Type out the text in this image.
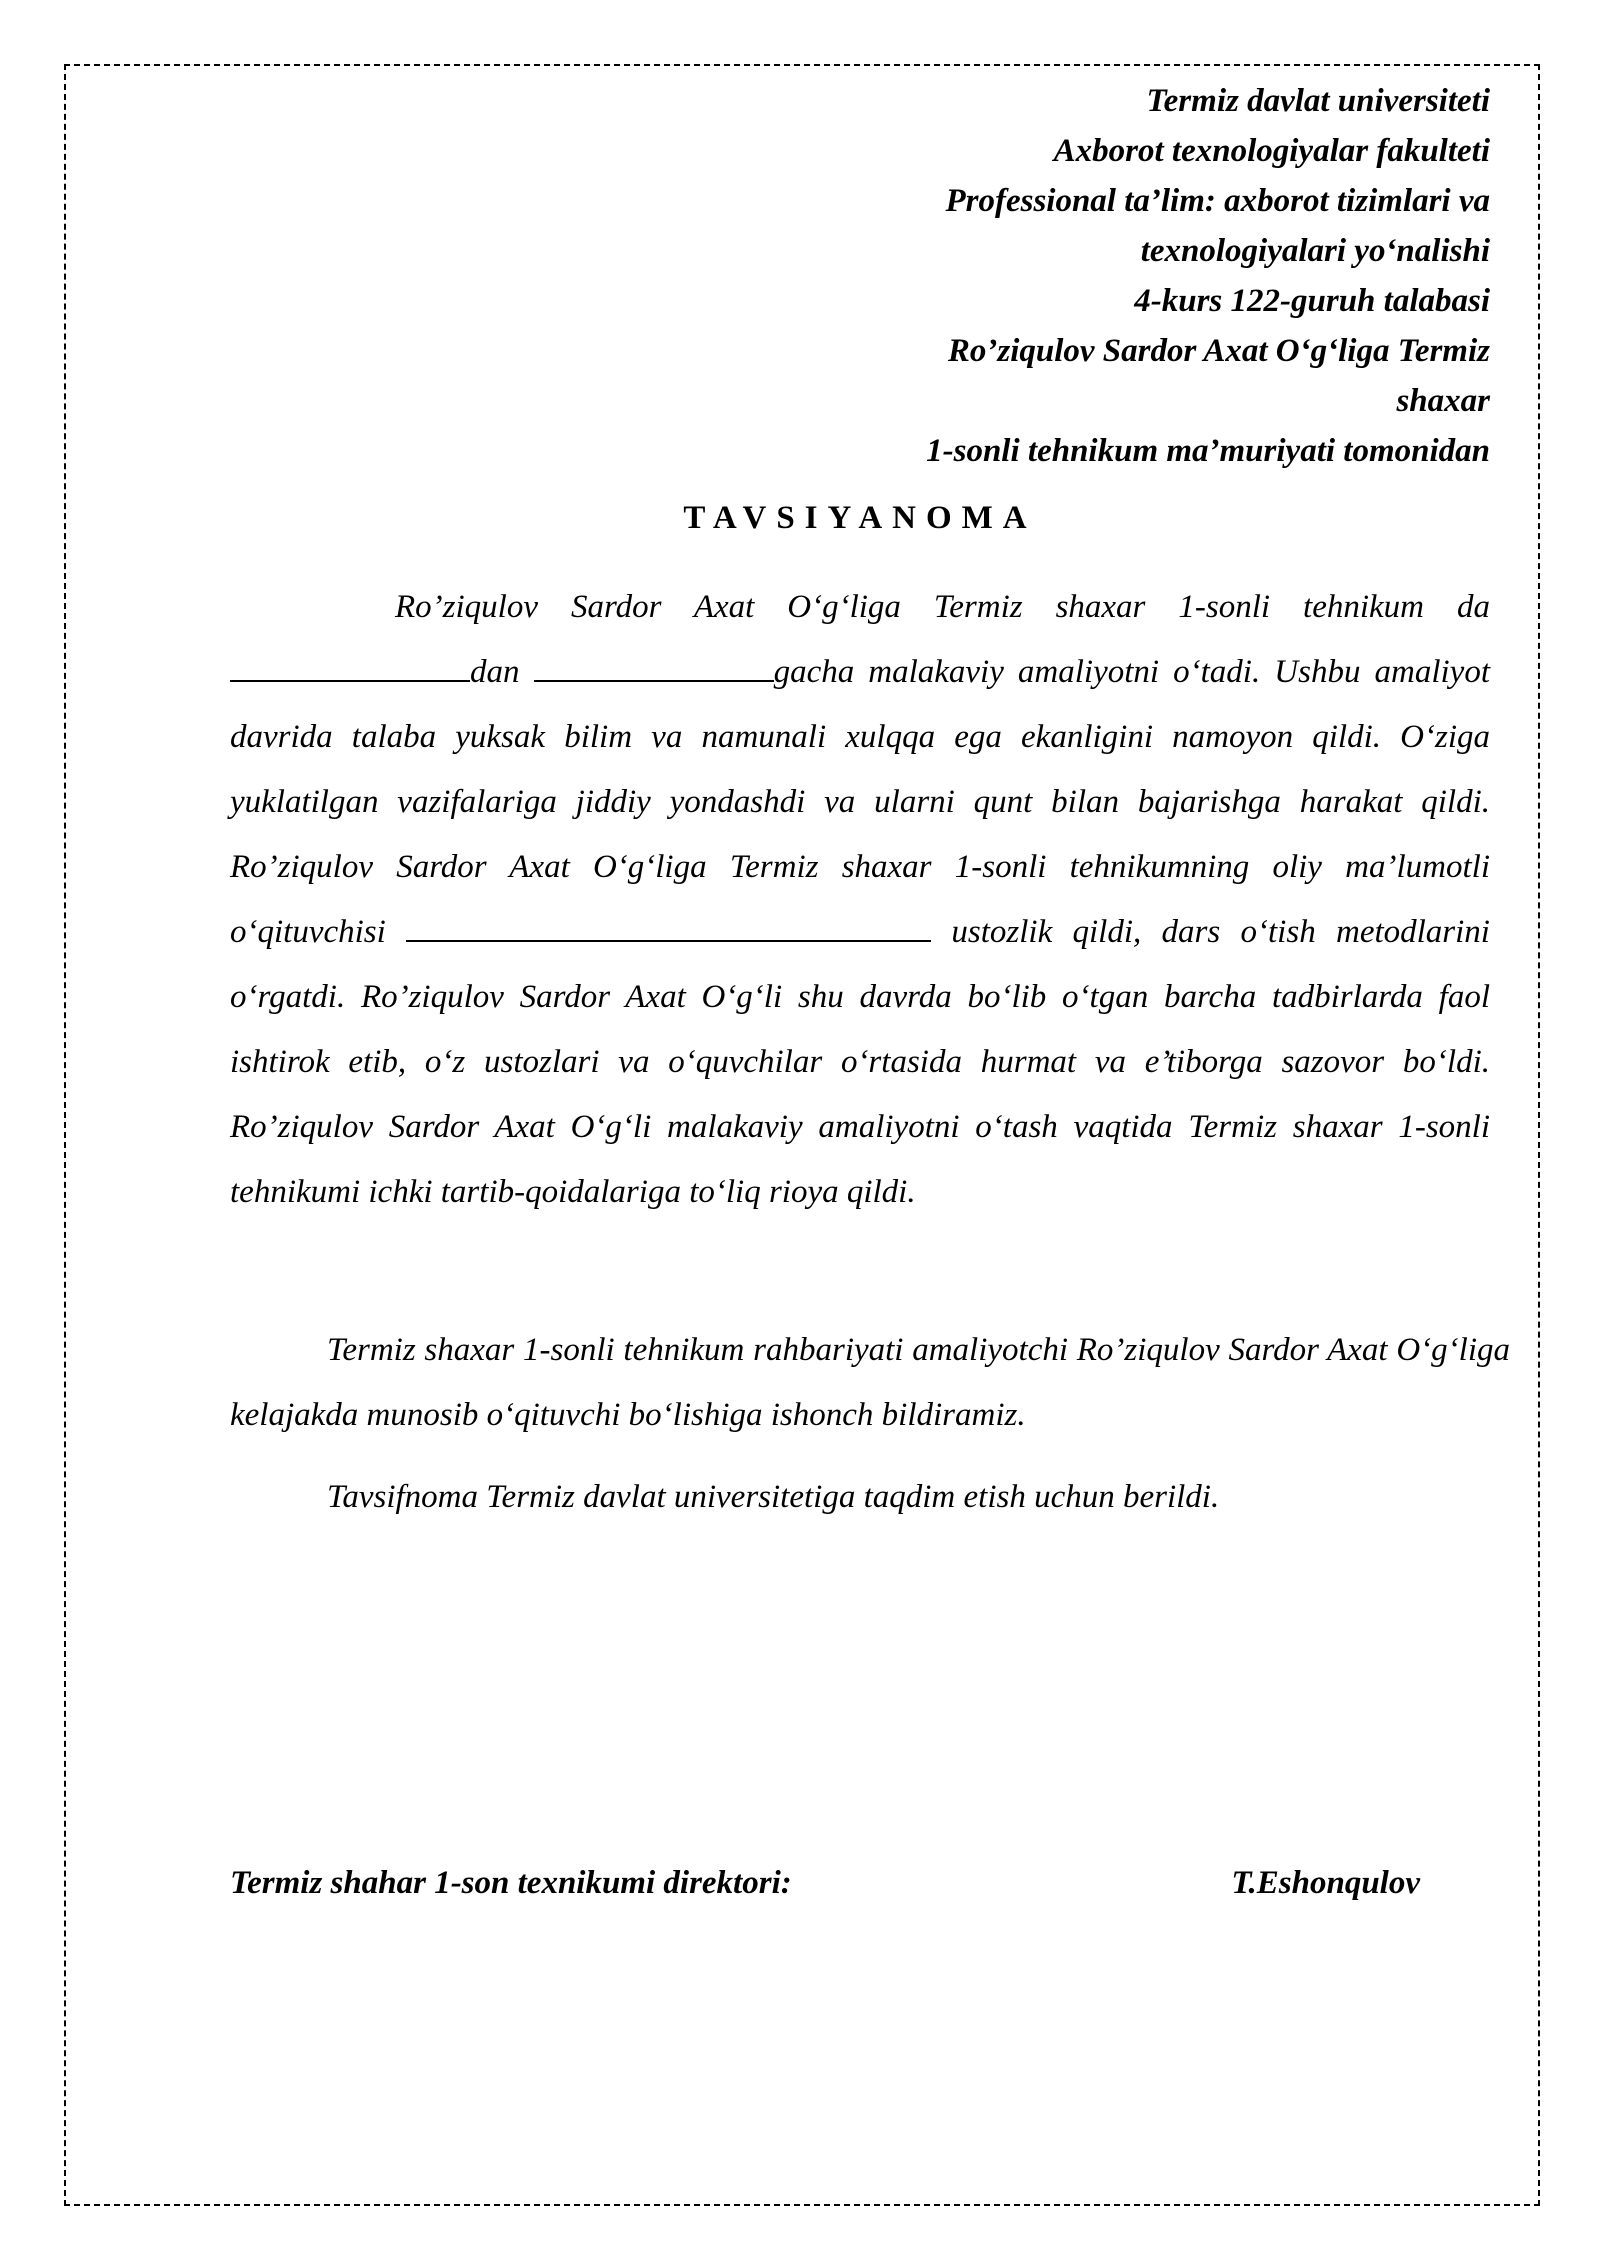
Termiz davlat universiteti
Axborot texnologiyalar fakulteti
Professional ta’lim: axborot tizimlari va
texnologiyalari yo‘nalishi
4-kurs 122-guruh talabasi
Ro’ziqulov Sardor Axat O‘g‘liga Termiz
shaxar
1-sonli tehnikum ma’muriyati tomonidan
TAVSIYANOMA
Ro’ziqulov Sardor Axat O‘g‘liga Termiz shaxar 1-sonli tehnikum da dan	gacha malakaviy amaliyotni o‘tadi. Ushbu amaliyot davrida talaba yuksak bilim va namunali xulqqa ega ekanligini namoyon qildi. O‘ziga yuklatilgan vazifalariga jiddiy yondashdi va ularni qunt bilan bajarishga harakat qildi. Ro’ziqulov Sardor Axat O‘g‘liga Termiz shaxar 1-sonli tehnikumning oliy ma’lumotli o‘qituvchisi	ustozlik qildi, dars o‘tish metodlarini o‘rgatdi. Ro’ziqulov Sardor Axat O‘g‘li shu davrda bo‘lib o‘tgan barcha tadbirlarda faol ishtirok etib, o‘z ustozlari va o‘quvchilar o‘rtasida hurmat va e’tiborga sazovor bo‘ldi. Ro’ziqulov Sardor Axat O‘g‘li malakaviy amaliyotni o‘tash vaqtida Termiz shaxar 1-sonli tehnikumi ichki tartib-qoidalariga to‘liq rioya qildi.
Termiz shaxar 1-sonli tehnikum rahbariyati amaliyotchi Ro’ziqulov Sardor Axat O‘g‘liga kelajakda munosib o‘qituvchi bo‘lishiga ishonch bildiramiz.
Tavsifnoma Termiz davlat universitetiga taqdim etish uchun berildi.
Termiz shahar 1-son texnikumi direktori:	T.Eshonqulov
